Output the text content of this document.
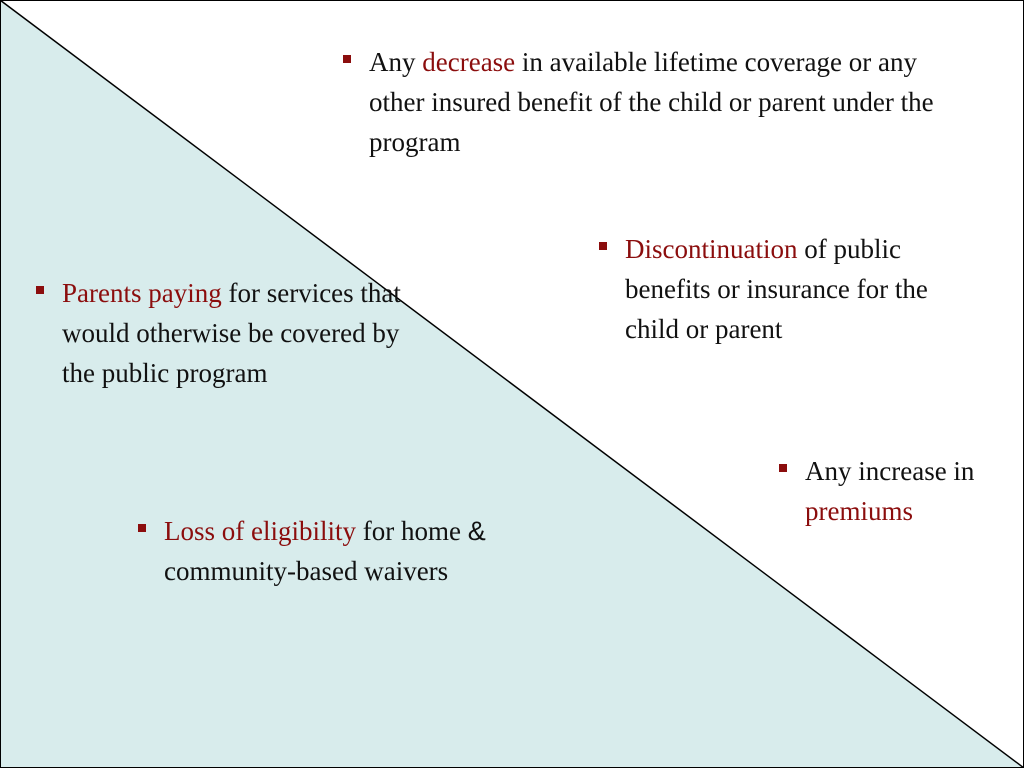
Any decrease in available lifetime coverage or any other insured benefit of the child or parent under the program
Discontinuation of public benefits or insurance for the child or parent
Parents paying for services that would otherwise be covered by the public program
Any increase in premiums
Loss of eligibility for home &
community-based waivers
